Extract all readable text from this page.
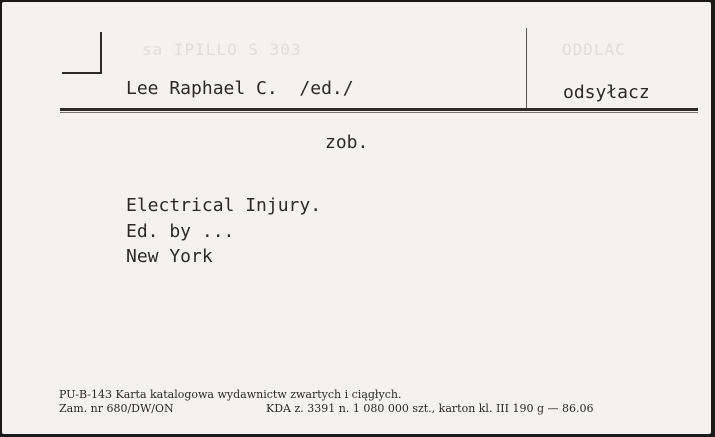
sa IPILLO S 303	ODDLAC
Lee Raphael C.  /ed./	odsyłacz
zob.
Electrical Injury.
Ed. by ...
New York
PU-B-143 Karta katalogowa wydawnictw zwartych i ciągłych.
Zam. nr 680/DW/ON	KDA z. 3391 n. 1 080 000 szt., karton kl. III 190 g — 86.06
